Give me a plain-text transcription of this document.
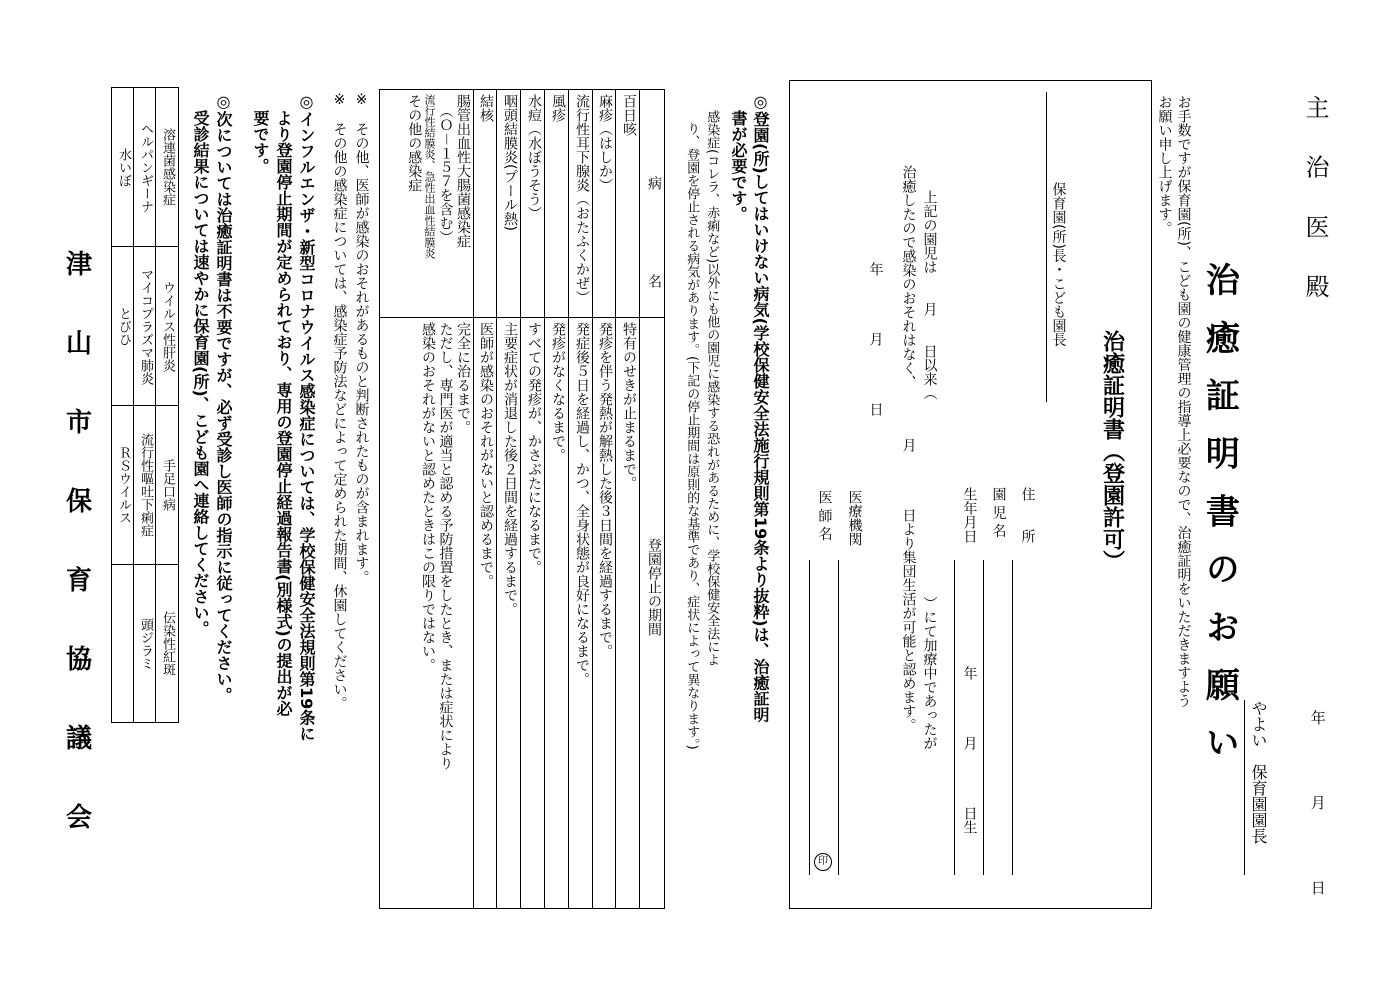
年　　　　月　　　　日
主 治 医 殿
やよい　保育園園長
治 癒 証 明 書 の お 願 い
お手数ですが保育園(所)、こども園の健康管理の指導上必要なので、治癒証明をいただきますよう
お願い申し上げます。
治癒証明書（登園許可）
保育園(所)長・こども園長
住　　所
園 児 名
生年月日
年　　　　月　　　　日生
上記の園児は　　月　　日以来（　　　　　　　　　　　　　　）にて加療中であったが
治癒したので感染のおそれはなく、　　　　月　　　　日より集団生活が可能と認めます。
年　　　　月　　　　日
医療機関
医 師 名
印
◎登園(所)してはいけない病気(学校保健安全法施行規則第19条より抜粋)は、治癒証明
書が必要です。
感染症(コレラ、赤痢など)以外にも他の園児に感染する恐れがあるために、学校保健安全法によ
り、登園を停止される病気があります。(下記の停止期間は原則的な基準であり、症状によって異なります。)
病　　　　　　名
登園停止の期間
百日咳
特有のせきが止まるまで。
麻疹（はしか）
発疹を伴う発熱が解熱した後３日間を経過するまで。
流行性耳下腺炎（おたふくかぜ）
発症後５日を経過し、かつ、全身状態が良好になるまで。
風疹
発疹がなくなるまで。
水痘（水ぼうそう）
すべての発疹が、かさぶたになるまで。
咽頭結膜炎(プール熱)
主要症状が消退した後２日間を経過するまで。
結核
医師が感染のおそれがないと認めるまで。
腸管出血性大腸菌感染症
（Ｏ－１５７を含む）
流行性結膜炎、急性出血性結膜炎
その他の感染症
完全に治るまで。
ただし、専門医が適当と認める予防措置をしたとき、または症状により
感染のおそれがないと認めたときはこの限りではない。
※　その他、医師が感染のおそれがあるものと判断されたものが含まれます。
※　その他の感染症については、感染症予防法などによって定められた期間、休園してください。
◎インフルエンザ・新型コロナウイルス感染症については、学校保健安全法規則第19条に
より登園停止期間が定められており、専用の登園停止経過報告書(別様式)の提出が必
要です。
◎次については治癒証明書は不要ですが、必ず受診し医師の指示に従ってください。
受診結果については速やかに保育園(所)、こども園へ連絡してください。
溶連菌感染症
ウイルス性肝炎
手足口病
伝染性紅斑
ヘルパンギーナ
マイコプラズマ肺炎
流行性嘔吐下痢症
頭ジラミ
水いぼ
とびひ
ＲＳウイルス
津 山 市 保 育 協 議 会
